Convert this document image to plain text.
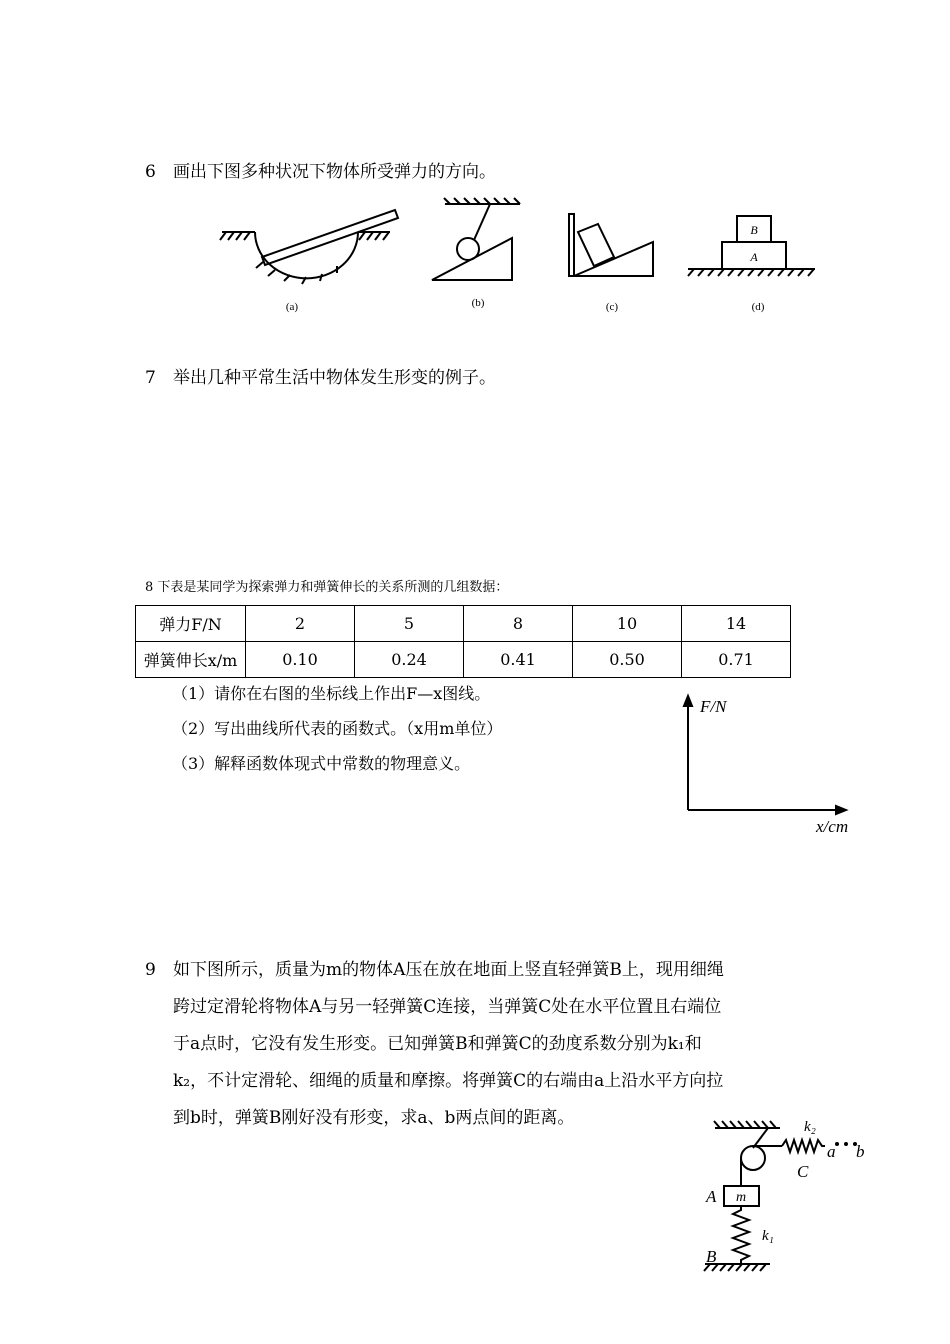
6 画出下图多种状况下物体所受弹力的方向。
(a)	(b)	(c)
B
A
(d)
7 举出几种平常生活中物体发生形变的例子。
8 下表是某同学为探索弹力和弹簧伸长的关系所测的几组数据：
弹力F/N	2	5	8	10	14
弹簧伸长x/m	0.10	0.24	0.41	0.50	0.71
（1）请你在右图的坐标线上作出F—x图线。
（2）写出曲线所代表的函数式。（x用m单位）
（3）解释函数体现式中常数的物理意义。
F/N
x/cm
9 如下图所示，质量为m的物体A压在放在地面上竖直轻弹簧B上，现用细绳
跨过定滑轮将物体A与另一轻弹簧C连接，当弹簧C处在水平位置且右端位
于a点时，它没有发生形变。已知弹簧B和弹簧C的劲度系数分别为k₁和
k₂，不计定滑轮、细绳的质量和摩擦。将弹簧C的右端由a上沿水平方向拉
到b时，弹簧B刚好没有形变，求a、b两点间的距离。	k₂
a b
C
A m
k₁
B
